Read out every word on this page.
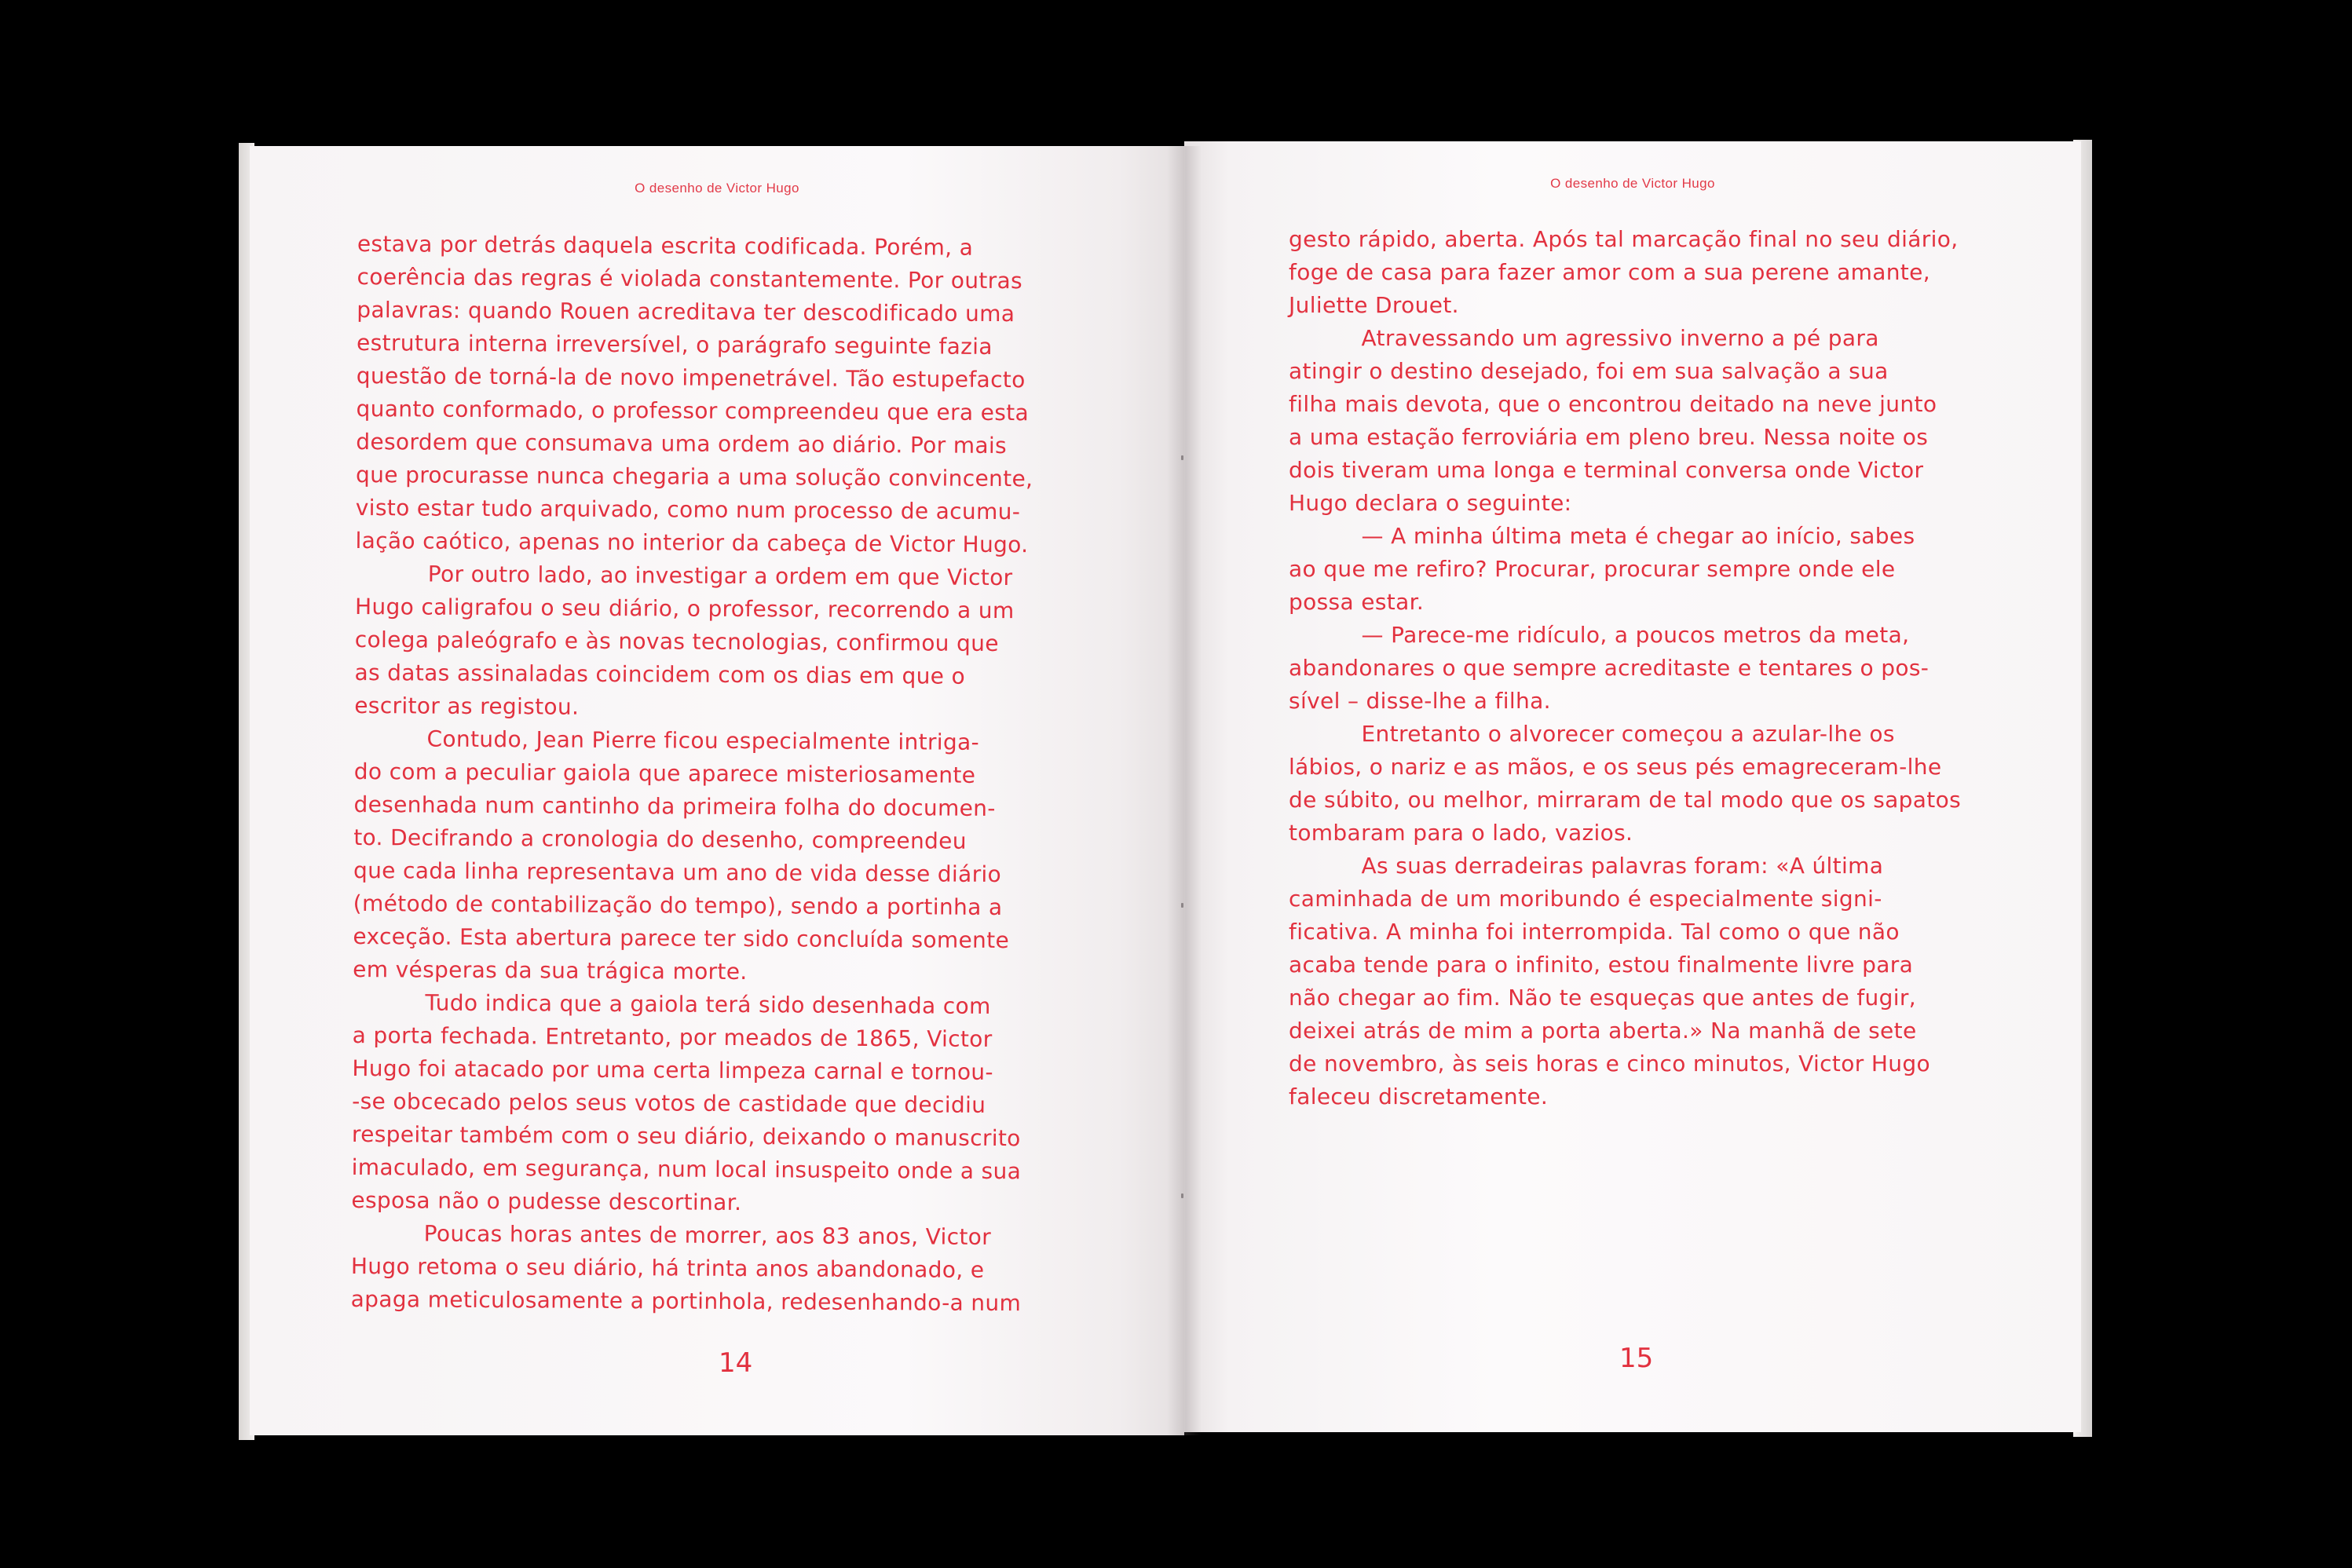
O desenho de Victor Hugo
estava por detrás daquela escrita codificada. Porém, a
coerência das regras é violada constantemente. Por outras
palavras: quando Rouen acreditava ter descodificado uma
estrutura interna irreversível, o parágrafo seguinte fazia
questão de torná-la de novo impenetrável. Tão estupefacto
quanto conformado, o professor compreendeu que era esta
desordem que consumava uma ordem ao diário. Por mais
que procurasse nunca chegaria a uma solução convincente,
visto estar tudo arquivado, como num processo de acumu-
lação caótico, apenas no interior da cabeça de Victor Hugo.
Por outro lado, ao investigar a ordem em que Victor
Hugo caligrafou o seu diário, o professor, recorrendo a um
colega paleógrafo e às novas tecnologias, confirmou que
as datas assinaladas coincidem com os dias em que o
escritor as registou.
Contudo, Jean Pierre ficou especialmente intriga-
do com a peculiar gaiola que aparece misteriosamente
desenhada num cantinho da primeira folha do documen-
to. Decifrando a cronologia do desenho, compreendeu
que cada linha representava um ano de vida desse diário
(método de contabilização do tempo), sendo a portinha a
exceção. Esta abertura parece ter sido concluída somente
em vésperas da sua trágica morte.
Tudo indica que a gaiola terá sido desenhada com
a porta fechada. Entretanto, por meados de 1865, Victor
Hugo foi atacado por uma certa limpeza carnal e tornou-
-se obcecado pelos seus votos de castidade que decidiu
respeitar também com o seu diário, deixando o manuscrito
imaculado, em segurança, num local insuspeito onde a sua
esposa não o pudesse descortinar.
Poucas horas antes de morrer, aos 83 anos, Victor
Hugo retoma o seu diário, há trinta anos abandonado, e
apaga meticulosamente a portinhola, redesenhando-a num
14
O desenho de Victor Hugo
gesto rápido, aberta. Após tal marcação final no seu diário,
foge de casa para fazer amor com a sua perene amante,
Juliette Drouet.
Atravessando um agressivo inverno a pé para
atingir o destino desejado, foi em sua salvação a sua
filha mais devota, que o encontrou deitado na neve junto
a uma estação ferroviária em pleno breu. Nessa noite os
dois tiveram uma longa e terminal conversa onde Victor
Hugo declara o seguinte:
— A minha última meta é chegar ao início, sabes
ao que me refiro? Procurar, procurar sempre onde ele
possa estar.
— Parece-me ridículo, a poucos metros da meta,
abandonares o que sempre acreditaste e tentares o pos-
sível – disse-lhe a filha.
Entretanto o alvorecer começou a azular-lhe os
lábios, o nariz e as mãos, e os seus pés emagreceram-lhe
de súbito, ou melhor, mirraram de tal modo que os sapatos
tombaram para o lado, vazios.
As suas derradeiras palavras foram: «A última
caminhada de um moribundo é especialmente signi-
ficativa. A minha foi interrompida. Tal como o que não
acaba tende para o infinito, estou finalmente livre para
não chegar ao fim. Não te esqueças que antes de fugir,
deixei atrás de mim a porta aberta.» Na manhã de sete
de novembro, às seis horas e cinco minutos, Victor Hugo
faleceu discretamente.
15
